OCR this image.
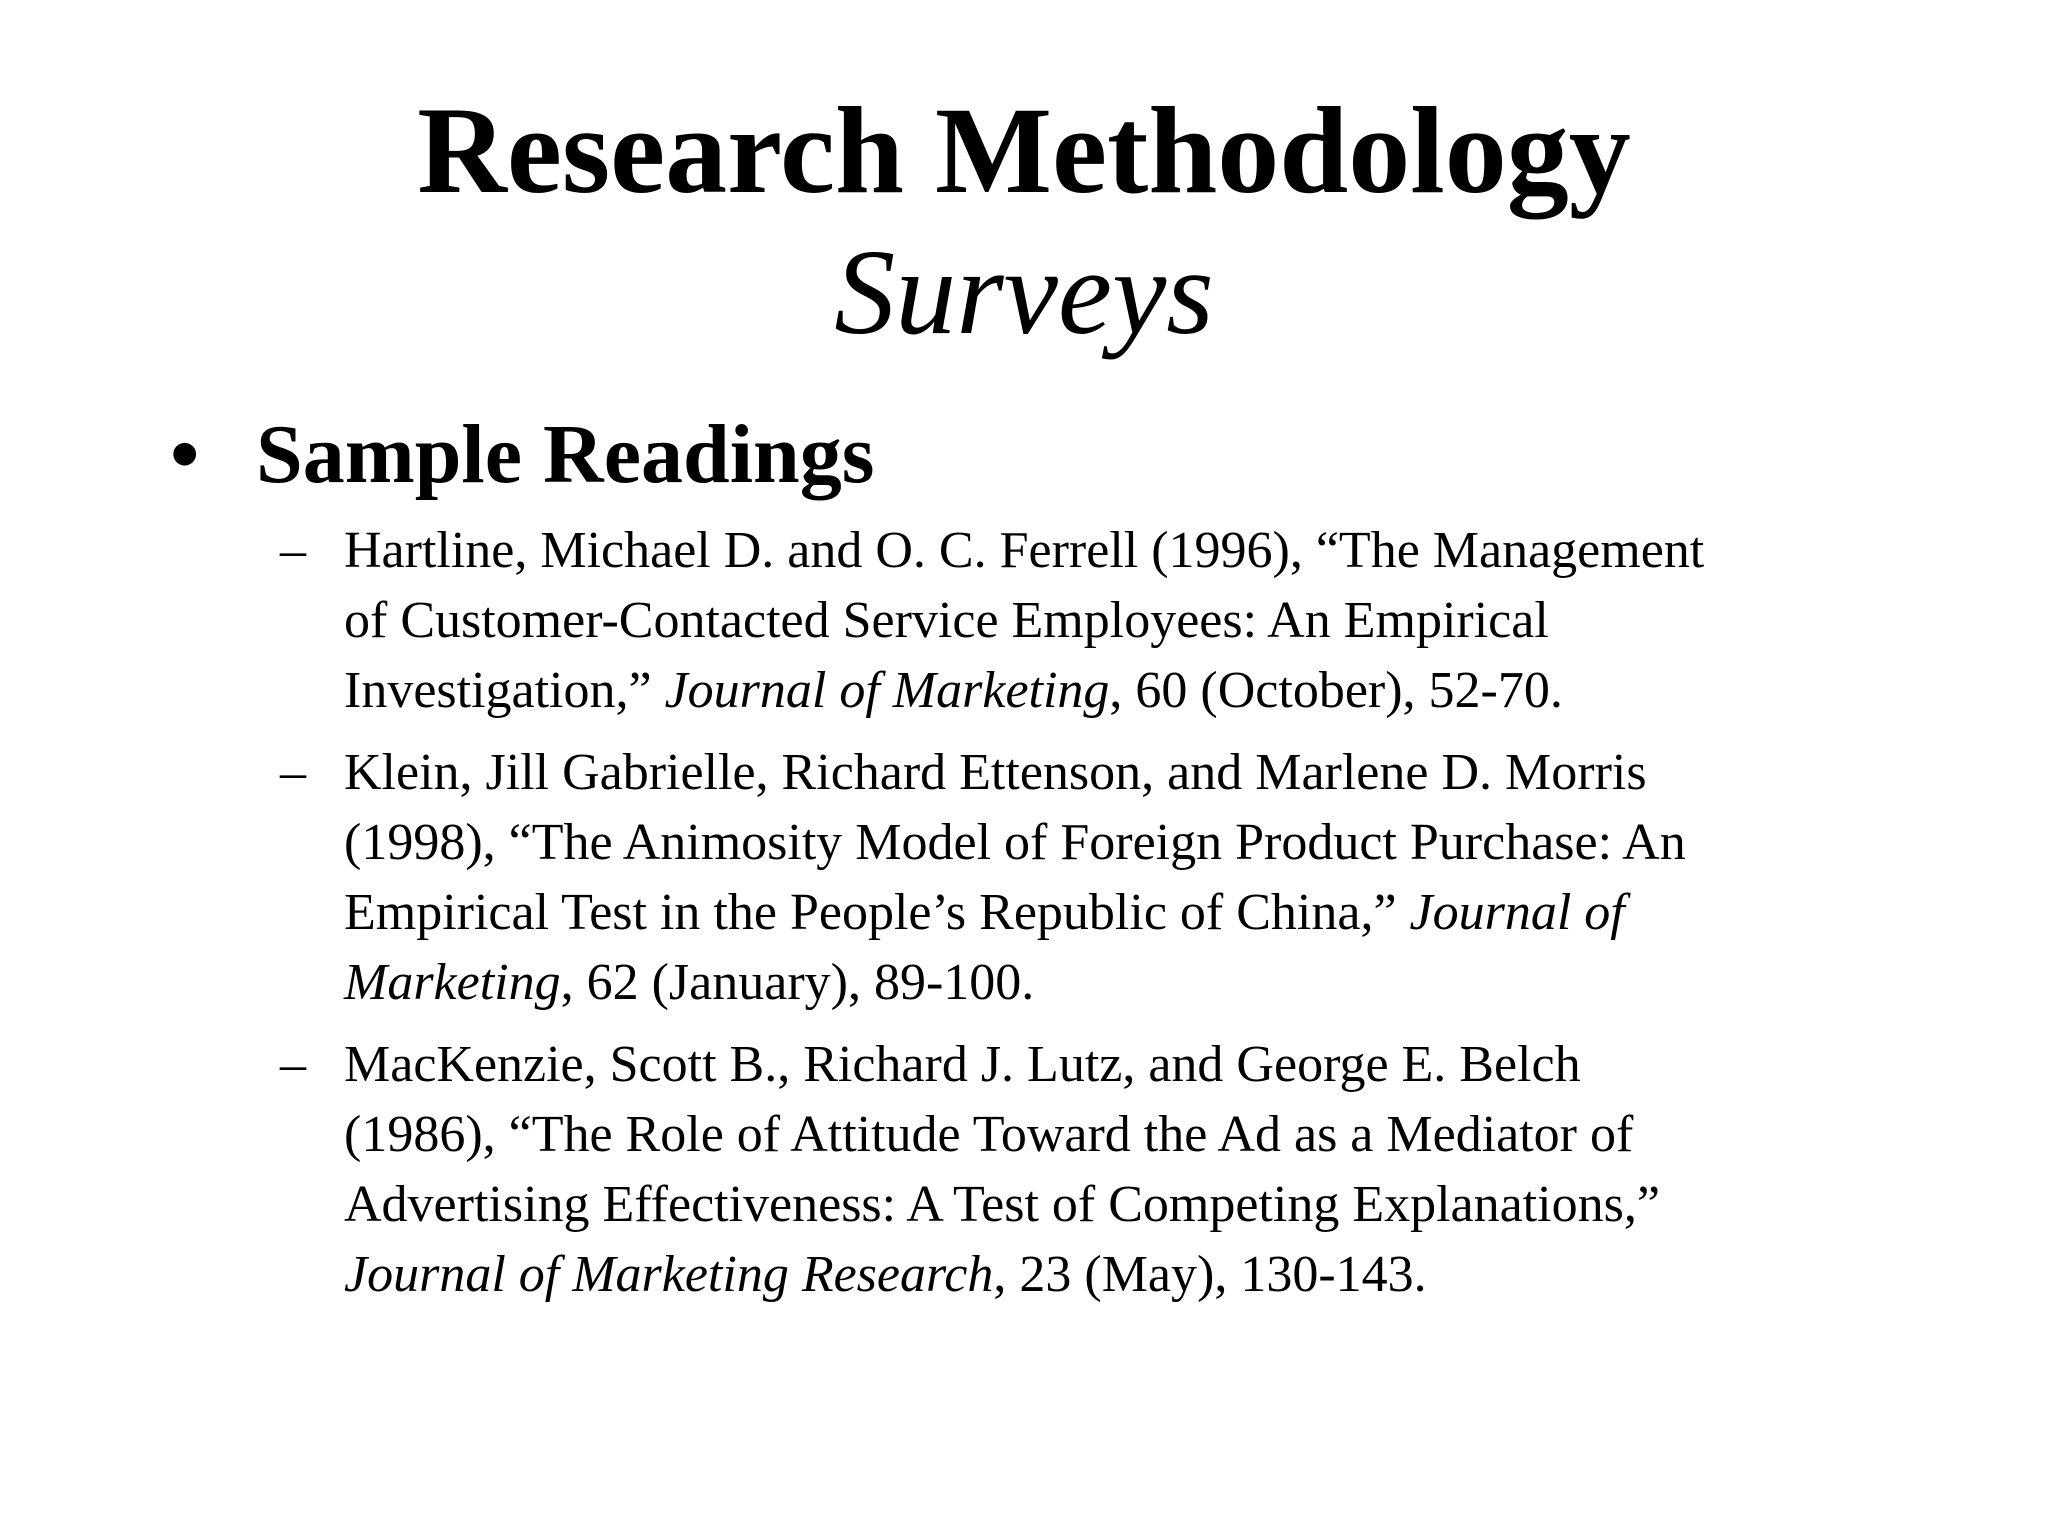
Research Methodology
Surveys
• Sample Readings
– Hartline, Michael D. and O. C. Ferrell (1996), “The Management
of Customer-Contacted Service Employees: An Empirical
Investigation,” Journal of Marketing, 60 (October), 52-70.
– Klein, Jill Gabrielle, Richard Ettenson, and Marlene D. Morris
(1998), “The Animosity Model of Foreign Product Purchase: An
Empirical Test in the People’s Republic of China,” Journal of
Marketing, 62 (January), 89-100.
– MacKenzie, Scott B., Richard J. Lutz, and George E. Belch
(1986), “The Role of Attitude Toward the Ad as a Mediator of
Advertising Effectiveness: A Test of Competing Explanations,”
Journal of Marketing Research, 23 (May), 130-143.
